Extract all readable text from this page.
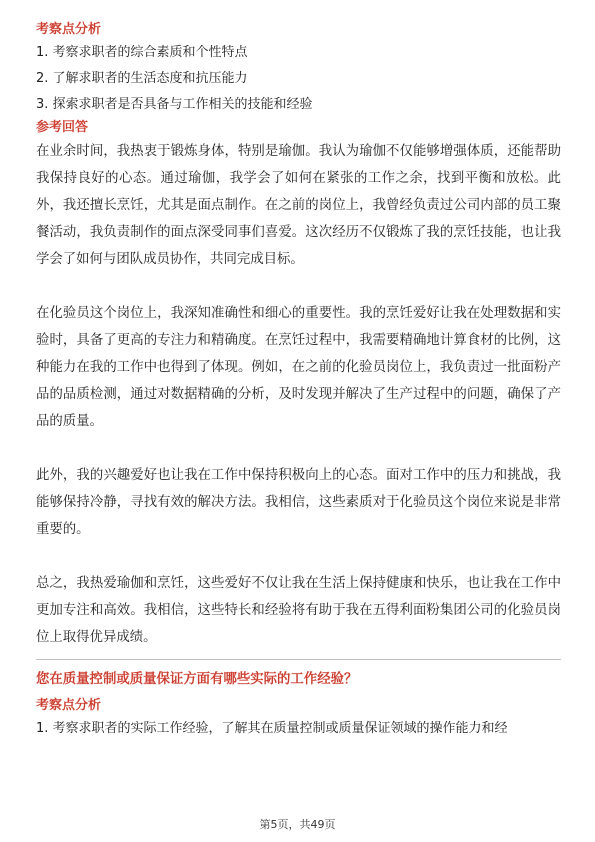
考察点分析

1. 考察求职者的综合素质和个性特点

2. 了解求职者的生活态度和抗压能力

3. 探索求职者是否具备与工作相关的技能和经验

参考回答

在业余时间，我热衷于锻炼身体，特别是瑜伽。我认为瑜伽不仅能够增强体质，还能帮助我保持良好的心态。通过瑜伽，我学会了如何在紧张的工作之余，找到平衡和放松。此外，我还擅长烹饪，尤其是面点制作。在之前的岗位上，我曾经负责过公司内部的员工聚餐活动，我负责制作的面点深受同事们喜爱。这次经历不仅锻炼了我的烹饪技能，也让我学会了如何与团队成员协作，共同完成目标。

在化验员这个岗位上，我深知准确性和细心的重要性。我的烹饪爱好让我在处理数据和实验时，具备了更高的专注力和精确度。在烹饪过程中，我需要精确地计算食材的比例，这种能力在我的工作中也得到了体现。例如，在之前的化验员岗位上，我负责过一批面粉产品的品质检测，通过对数据精确的分析，及时发现并解决了生产过程中的问题，确保了产品的质量。

此外，我的兴趣爱好也让我在工作中保持积极向上的心态。面对工作中的压力和挑战，我能够保持冷静，寻找有效的解决方法。我相信，这些素质对于化验员这个岗位来说是非常重要的。

总之，我热爱瑜伽和烹饪，这些爱好不仅让我在生活上保持健康和快乐，也让我在工作中更加专注和高效。我相信，这些特长和经验将有助于我在五得利面粉集团公司的化验员岗位上取得优异成绩。

您在质量控制或质量保证方面有哪些实际的工作经验？

考察点分析

1. 考察求职者的实际工作经验，了解其在质量控制或质量保证领域的操作能力和经

第5页，共49页
